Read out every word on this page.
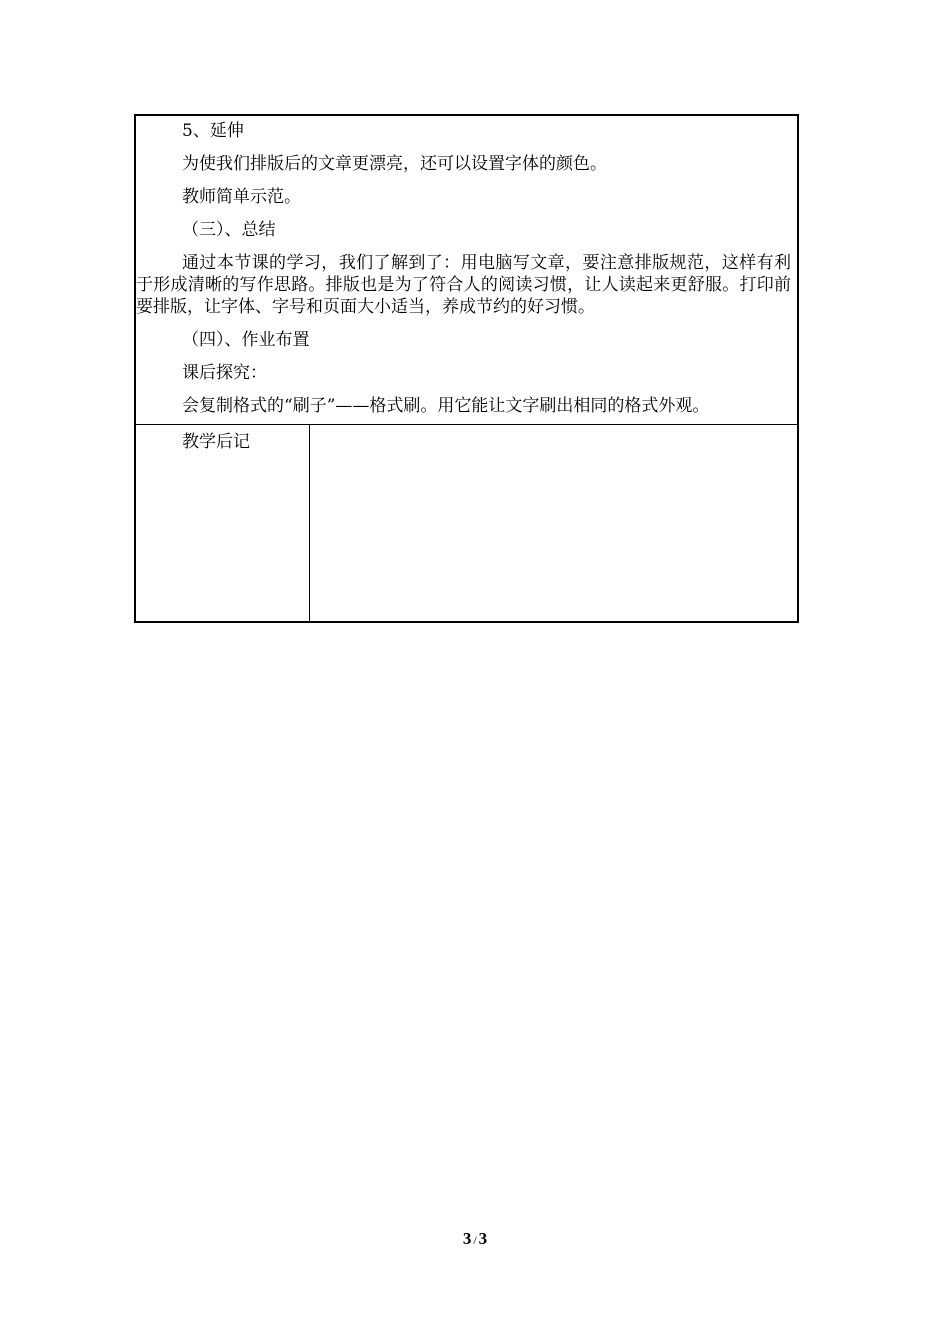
5、延伸

为使我们排版后的文章更漂亮，还可以设置字体的颜色。

教师简单示范。

（三）、总结

通过本节课的学习，我们了解到了：用电脑写文章，要注意排版规范，这样有利于形成清晰的写作思路。排版也是为了符合人的阅读习惯，让人读起来更舒服。打印前要排版，让字体、字号和页面大小适当，养成节约的好习惯。

（四）、作业布置

课后探究：

会复制格式的“刷子”——格式刷。用它能让文字刷出相同的格式外观。

教学后记
3 / 3
